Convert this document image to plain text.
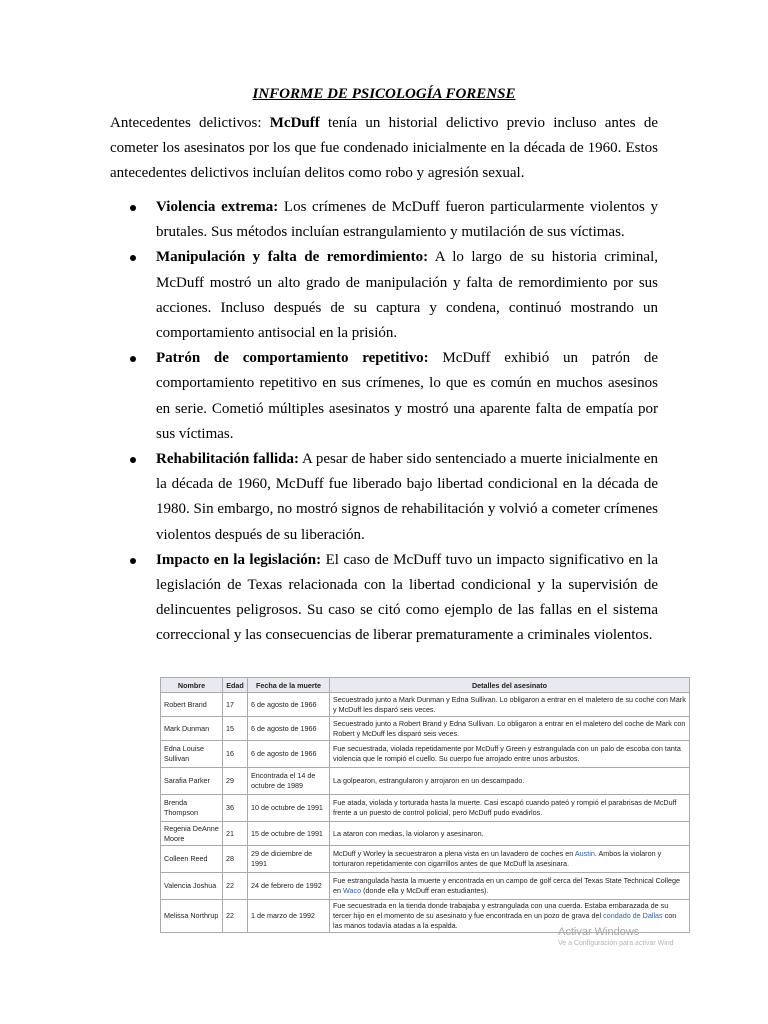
INFORME DE PSICOLOGÍA FORENSE

Antecedentes delictivos: McDuff tenía un historial delictivo previo incluso antes de cometer los asesinatos por los que fue condenado inicialmente en la década de 1960. Estos antecedentes delictivos incluían delitos como robo y agresión sexual.

Violencia extrema: Los crímenes de McDuff fueron particularmente violentos y brutales. Sus métodos incluían estrangulamiento y mutilación de sus víctimas.
Manipulación y falta de remordimiento: A lo largo de su historia criminal, McDuff mostró un alto grado de manipulación y falta de remordimiento por sus acciones. Incluso después de su captura y condena, continuó mostrando un comportamiento antisocial en la prisión.
Patrón de comportamiento repetitivo: McDuff exhibió un patrón de comportamiento repetitivo en sus crímenes, lo que es común en muchos asesinos en serie. Cometió múltiples asesinatos y mostró una aparente falta de empatía por sus víctimas.
Rehabilitación fallida: A pesar de haber sido sentenciado a muerte inicialmente en la década de 1960, McDuff fue liberado bajo libertad condicional en la década de 1980. Sin embargo, no mostró signos de rehabilitación y volvió a cometer crímenes violentos después de su liberación.
Impacto en la legislación: El caso de McDuff tuvo un impacto significativo en la legislación de Texas relacionada con la libertad condicional y la supervisión de delincuentes peligrosos. Su caso se citó como ejemplo de las fallas en el sistema correccional y las consecuencias de liberar prematuramente a criminales violentos.
Nombre	Edad	Fecha de la muerte	Detalles del asesinato
Robert Brand	17	6 de agosto de 1966	Secuestrado junto a Mark Dunman y Edna Sullivan. Lo obligaron a entrar en el maletero de su coche con Mark y McDuff les disparó seis veces.
Mark Dunman	15	6 de agosto de 1966	Secuestrado junto a Robert Brand y Edna Sullivan. Lo obligaron a entrar en el maletero del coche de Mark con Robert y McDuff les disparó seis veces.
Edna Louise Sullivan	16	6 de agosto de 1966	Fue secuestrada, violada repetidamente por McDuff y Green y estrangulada con un palo de escoba con tanta violencia que le rompió el cuello. Su cuerpo fue arrojado entre unos arbustos.
Sarafia Parker	29	Encontrada el 14 de octubre de 1989	La golpearon, estrangularon y arrojaron en un descampado.
Brenda Thompson	36	10 de octubre de 1991	Fue atada, violada y torturada hasta la muerte. Casi escapó cuando pateó y rompió el parabrisas de McDuff frente a un puesto de control policial, pero McDuff pudo evadirlos.
Regenia DeAnne Moore	21	15 de octubre de 1991	La ataron con medias, la violaron y asesinaron.
Colleen Reed	28	29 de diciembre de 1991	McDuff y Worley la secuestraron a plena vista en un lavadero de coches en Austin. Ambos la violaron y torturaron repetidamente con cigarrillos antes de que McDuff la asesinara.
Valencia Joshua	22	24 de febrero de 1992	Fue estrangulada hasta la muerte y encontrada en un campo de golf cerca del Texas State Technical College en Waco (donde ella y McDuff eran estudiantes).
Melissa Northrup	22	1 de marzo de 1992	Fue secuestrada en la tienda donde trabajaba y estrangulada con una cuerda. Estaba embarazada de su tercer hijo en el momento de su asesinato y fue encontrada en un pozo de grava del condado de Dallas con las manos todavía atadas a la espalda.
Activar Windows
Ve a Configuración para activar Wind
